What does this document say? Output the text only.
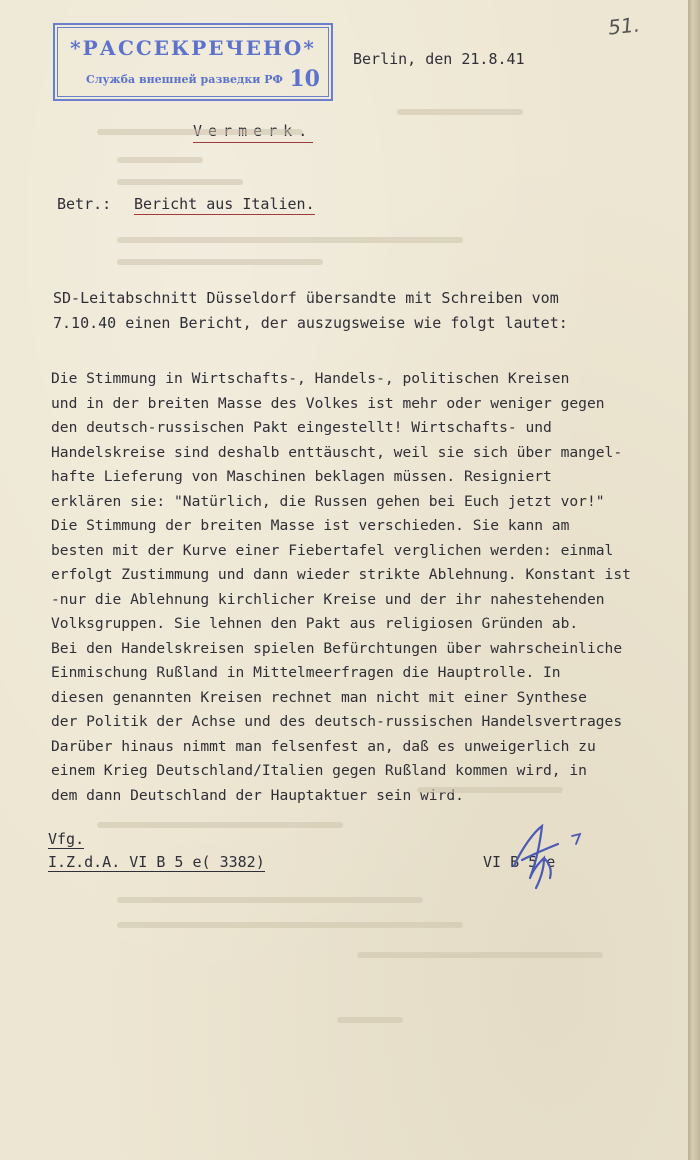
*РАССЕКРЕЧЕНО*
Служба внешней разведки РФ 10
51.
Berlin, den 21.8.41
Vermerk.
Betr.: Bericht aus Italien.
SD-Leitabschnitt Düsseldorf übersandte mit Schreiben vom
7.10.40 einen Bericht, der auszugsweise wie folgt lautet:
Die Stimmung in Wirtschafts-, Handels-, politischen Kreisen
und in der breiten Masse des Volkes ist mehr oder weniger gegen
den deutsch-russischen Pakt eingestellt! Wirtschafts- und
Handelskreise sind deshalb enttäuscht, weil sie sich über mangel-
hafte Lieferung von Maschinen beklagen müssen. Resigniert
erklären sie: "Natürlich, die Russen gehen bei Euch jetzt vor!"
Die Stimmung der breiten Masse ist verschieden. Sie kann am
besten mit der Kurve einer Fiebertafel verglichen werden: einmal
erfolgt Zustimmung und dann wieder strikte Ablehnung. Konstant ist
-nur die Ablehnung kirchlicher Kreise und der ihr nahestehenden
Volksgruppen. Sie lehnen den Pakt aus religiosen Gründen ab.
Bei den Handelskreisen spielen Befürchtungen über wahrscheinliche
Einmischung Rußland in Mittelmeerfragen die Hauptrolle. In
diesen genannten Kreisen rechnet man nicht mit einer Synthese
der Politik der Achse und des deutsch-russischen Handelsvertrages
Darüber hinaus nimmt man felsenfest an, daß es unweigerlich zu
einem Krieg Deutschland/Italien gegen Rußland kommen wird, in
dem dann Deutschland der Hauptaktuer sein wird.
Vfg.
I.Z.d.A. VI B 5 e( 3382)	VI B 5 e
